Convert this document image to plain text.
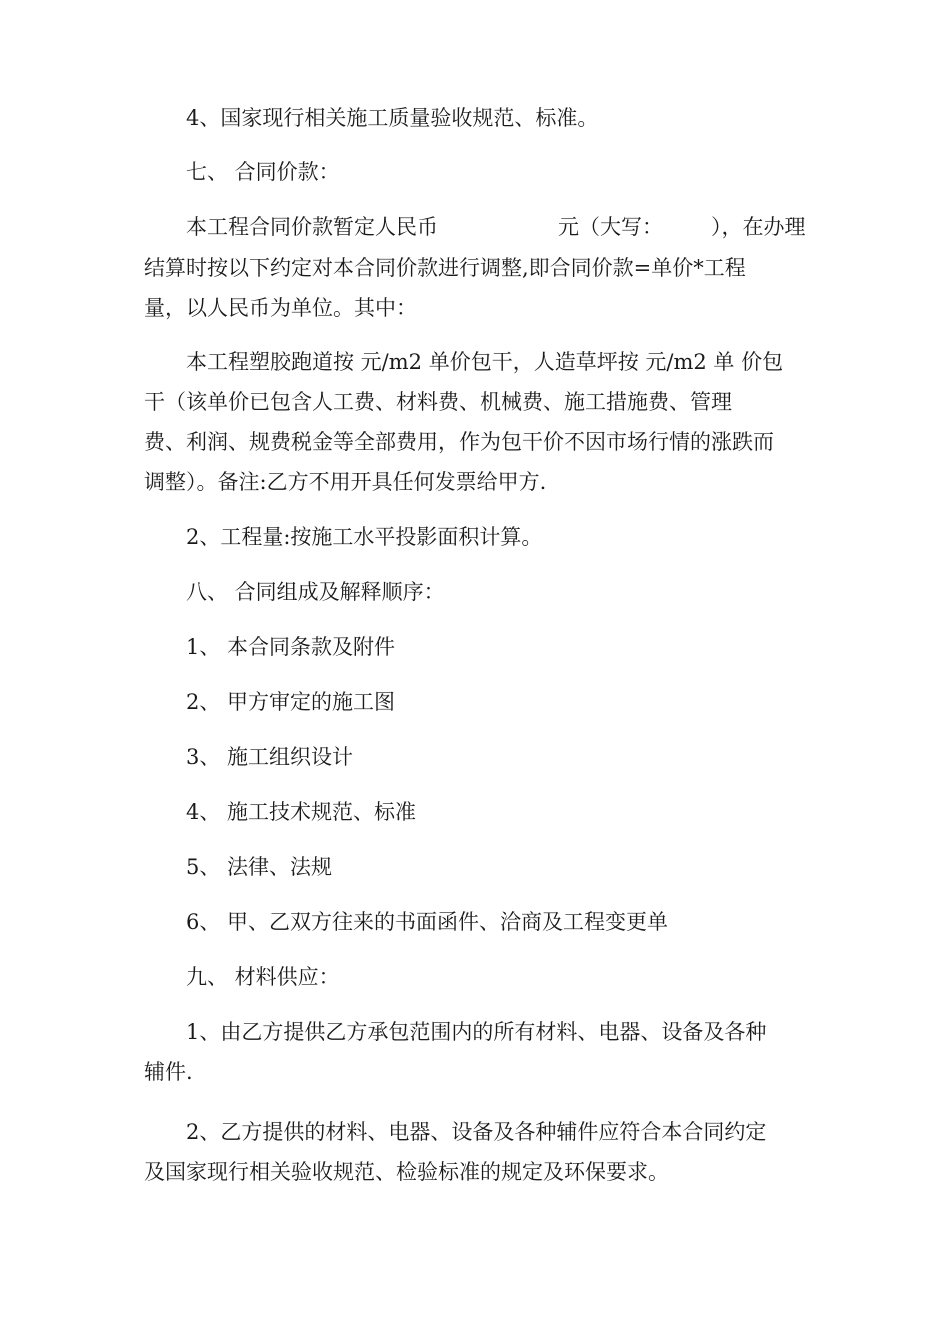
4、国家现行相关施工质量验收规范、标准。
七、 合同价款：
本工程合同价款暂定人民币	元（大写： ），在办理
结算时按以下约定对本合同价款进行调整,即合同价款=单价*工程
量，以人民币为单位。其中：
本工程塑胶跑道按 元/m2 单价包干，人造草坪按 元/m2 单 价包
干（该单价已包含人工费、材料费、机械费、施工措施费、管理
费、利润、规费税金等全部费用，作为包干价不因市场行情的涨跌而
调整）。备注:乙方不用开具任何发票给甲方.
2、工程量:按施工水平投影面积计算。
八、 合同组成及解释顺序：
1、 本合同条款及附件
2、 甲方审定的施工图
3、 施工组织设计
4、 施工技术规范、标准
5、 法律、法规
6、 甲、乙双方往来的书面函件、洽商及工程变更单
九、 材料供应：
1、由乙方提供乙方承包范围内的所有材料、电器、设备及各种
辅件.
2、乙方提供的材料、电器、设备及各种辅件应符合本合同约定
及国家现行相关验收规范、检验标准的规定及环保要求。
